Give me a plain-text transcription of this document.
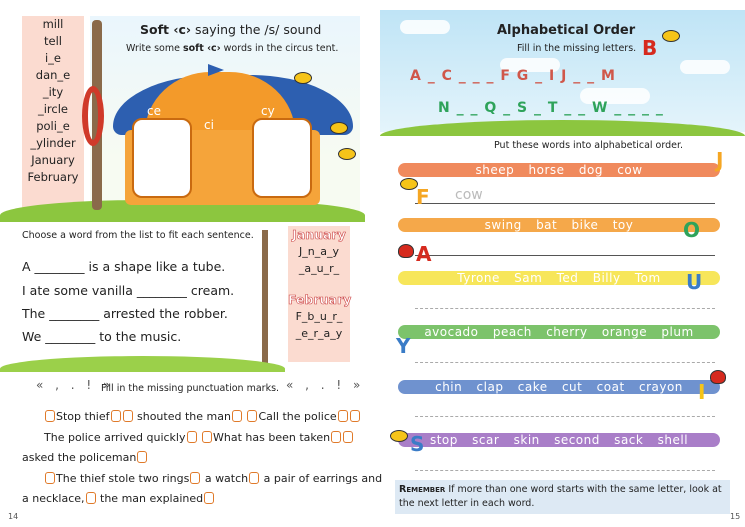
mill
tell
i_e
dan_e
_ity
_ircle
poli_e
_ylinder
January
February
Soft ‹c› saying the /s/ sound
Write some soft ‹c› words in the circus tent.
ce
ci
cy
Choose a word from the list to fit each sentence.
A ________ is a shape like a tube.
I ate some vanilla ________ cream.
The ________ arrested the robber.
We ________ to the music.
January
J_n_a_y
_a_u_r_
February
F_b_u_r_
_e_r_a_y
« , . ! »
Fill in the missing punctuation marks. « , . ! »
Stop thief	shouted the man	Call the police
The police arrived quickly	What has been taken
asked the policeman
The thief stole two rings a watch a pair of earrings and
a necklace, the man explained
14
Alphabetical Order
Fill in the missing letters. B
A _ C _ _ _ F G _ I J _ _ M
N _ _ Q _ S _ T _ _ W _ _ _ _
Put these words into alphabetical order.
sheep horse dog cow
cow
F
J
swing bat bike toy	O
A
Tyrone Sam Ted Billy Tom	U
avocado peach cherry orange plum
Y
chin clap cake cut coat crayon I
stop scar skin second sack shell
S

Remember If more than one word starts with the same letter, look at the next letter in each word.

15
